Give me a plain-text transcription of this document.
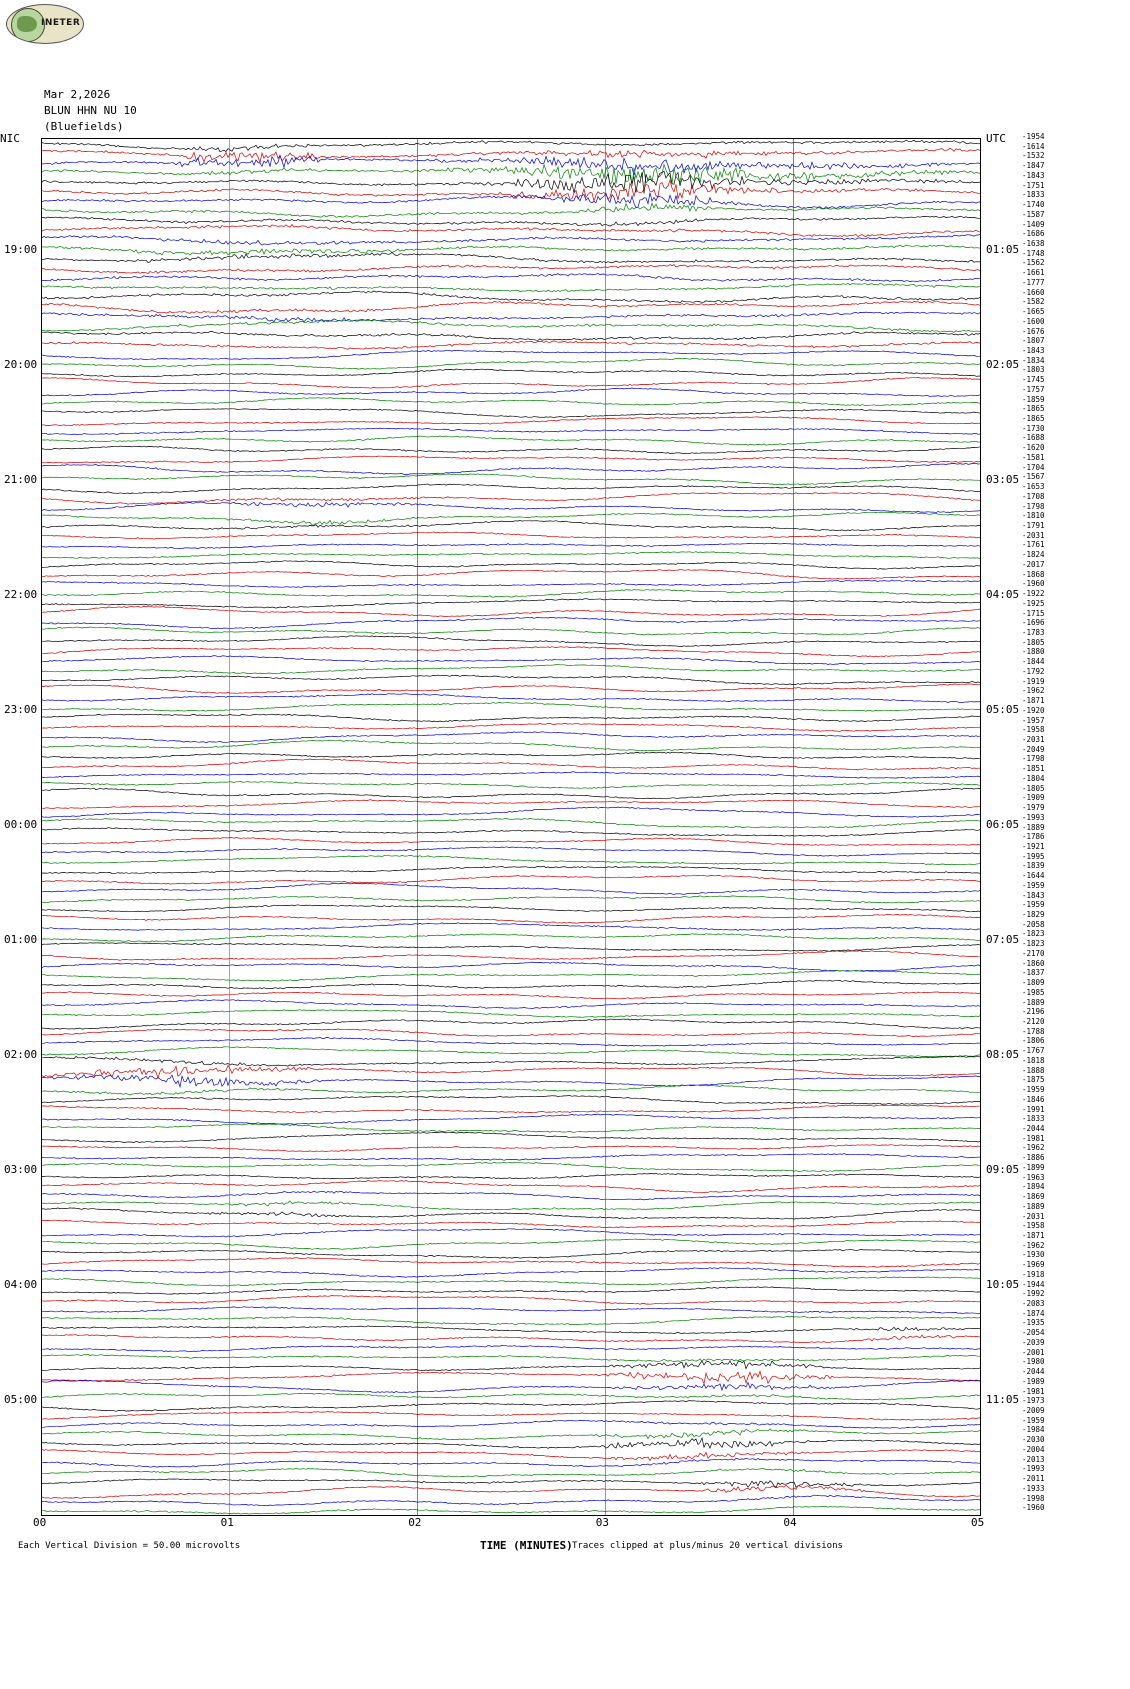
INETER
Mar 2,2026
BLUN HHN NU 10
(Bluefields)
NIC	UTC
00	01	02	03	04	05
TIME (MINUTES) Traces clipped at plus/minus 20 vertical divisions
Each Vertical Division = 50.00 microvolts
19:00
20:00
21:00
22:00
23:00
00:00
01:00
02:00
03:00
04:00
05:00
01:05
02:05
03:05
04:05
05:05
06:05
07:05
08:05
09:05
10:05
11:05
-1954
-1614
-1532
-1847
-1843
-1751
-1833
-1740
-1587
-1409
-1686
-1638
-1748
-1562
-1661
-1777
-1660
-1582
-1665
-1600
-1676
-1807
-1843
-1834
-1803
-1745
-1757
-1859
-1865
-1865
-1730
-1688
-1620
-1581
-1704
-1567
-1653
-1708
-1798
-1810
-1791
-2031
-1761
-1824
-2017
-1868
-1960
-1922
-1925
-1715
-1696
-1783
-1805
-1880
-1844
-1792
-1919
-1962
-1871
-1920
-1957
-1958
-2031
-2049
-1798
-1851
-1804
-1805
-1909
-1979
-1993
-1889
-1786
-1921
-1995
-1839
-1644
-1959
-1843
-1959
-1829
-2058
-1823
-1823
-2170
-1860
-1837
-1809
-1985
-1889
-2196
-2120
-1788
-1806
-1767
-1818
-1888
-1875
-1959
-1846
-1991
-1833
-2044
-1981
-1962
-1886
-1899
-1963
-1894
-1869
-1889
-2031
-1958
-1871
-1962
-1930
-1969
-1918
-1944
-1992
-2083
-1874
-1935
-2054
-2039
-2001
-1980
-2044
-1989
-1981
-1973
-2009
-1959
-1984
-2030
-2004
-2013
-1993
-2011
-1933
-1998
-1960
